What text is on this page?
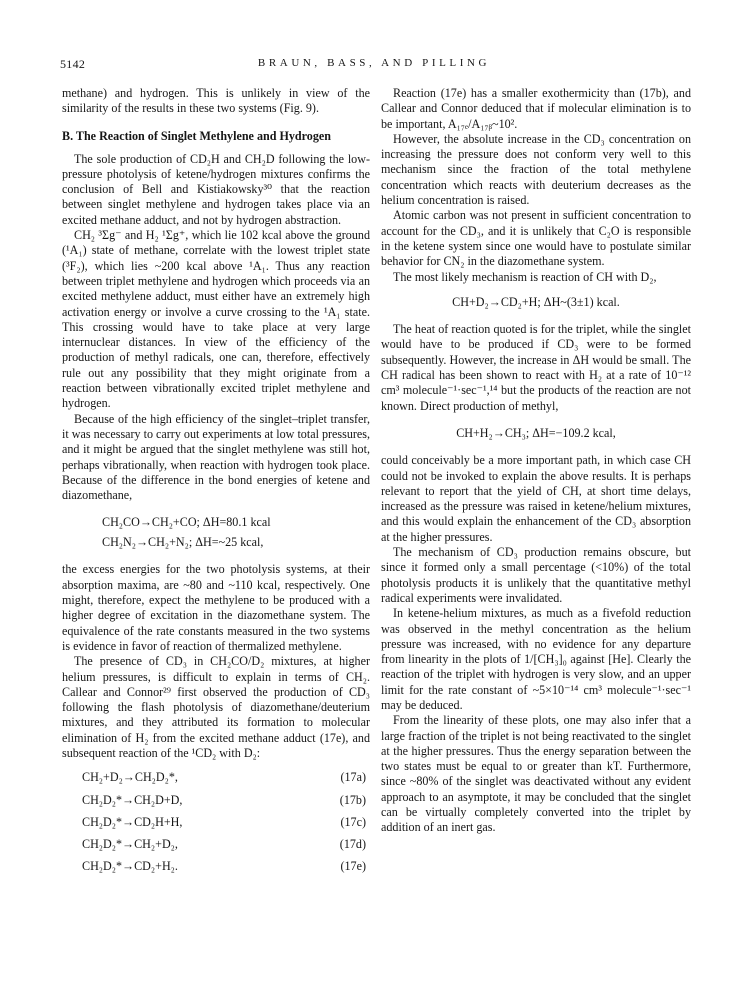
5142	BRAUN, BASS, AND PILLING

methane) and hydrogen. This is unlikely in view of the similarity of the results in these two systems (Fig. 9).

B. The Reaction of Singlet Methylene and Hydrogen

The sole production of CD₂H and CH₂D following the low-pressure photolysis of ketene/hydrogen mixtures confirms the conclusion of Bell and Kistiakowsky³⁰ that the reaction between singlet methylene and hydrogen takes place via an excited methane adduct, and not by hydrogen abstraction.

CH₂ ³Σg⁻ and H₂ ¹Σg⁺, which lie 102 kcal above the ground (¹A₁) state of methane, correlate with the lowest triplet state (³F₂), which lies ~200 kcal above ¹A₁. Thus any reaction between triplet methylene and hydrogen which proceeds via an excited methylene adduct, must either have an extremely high activation energy or involve a curve crossing to the ¹A₁ state. This crossing would have to take place at very large internuclear distances. In view of the efficiency of the production of methyl radicals, one can, therefore, effectively rule out any possibility that they might originate from a reaction between vibrationally excited triplet methylene and hydrogen.

Because of the high efficiency of the singlet–triplet transfer, it was necessary to carry out experiments at low total pressures, and it might be argued that the singlet methylene was still hot, perhaps vibrationally, when reaction with hydrogen took place. Because of the difference in the bond energies of ketene and diazomethane,

CH₂CO→CH₂+CO; ΔH=80.1 kcal
CH₂N₂→CH₂+N₂; ΔH=~25 kcal,

the excess energies for the two photolysis systems, at their absorption maxima, are ~80 and ~110 kcal, respectively. One might, therefore, expect the methylene to be produced with a higher degree of excitation in the diazomethane system. The equivalence of the rate constants measured in the two systems is evidence in favor of reaction of thermalized methylene.

The presence of CD₃ in CH₂CO/D₂ mixtures, at higher helium pressures, is difficult to explain in terms of CH₂. Callear and Connor²⁹ first observed the production of CD₃ following the flash photolysis of diazomethane/deuterium mixtures, and they attributed its formation to molecular elimination of H₂ from the excited methane adduct (17e), and subsequent reaction of the ¹CD₂ with D₂:

CH₂+D₂→CH₂D₂*,	(17a)
CH₂D₂*→CH₂D+D,	(17b)
CH₂D₂*→CD₂H+H,	(17c)
CH₂D₂*→CH₂+D₂,	(17d)
CH₂D₂*→CD₂+H₂.	(17e)

Reaction (17e) has a smaller exothermicity than (17b), and Callear and Connor deduced that if molecular elimination is to be important, A₁₇ₑ/A₁₇ᵦ~10².

However, the absolute increase in the CD₃ concentration on increasing the pressure does not conform very well to this mechanism since the fraction of the total methylene concentration which reacts with deuterium decreases as the helium concentration is raised.

Atomic carbon was not present in sufficient concentration to account for the CD₃, and it is unlikely that C₂O is responsible in the ketene system since one would have to postulate similar behavior for CN₂ in the diazomethane system.

The most likely mechanism is reaction of CH with D₂,

CH+D₂→CD₂+H; ΔH~(3±1) kcal.

The heat of reaction quoted is for the triplet, while the singlet would have to be produced if CD₃ were to be formed subsequently. However, the increase in ΔH would be small. The CH radical has been shown to react with H₂ at a rate of 10⁻¹² cm³ molecule⁻¹·sec⁻¹,¹⁴ but the products of the reaction are not known. Direct production of methyl,

CH+H₂→CH₃; ΔH=−109.2 kcal,

could conceivably be a more important path, in which case CH could not be invoked to explain the above results. It is perhaps relevant to report that the yield of CH, at short time delays, increased as the pressure was raised in ketene/helium mixtures, and this would explain the enhancement of the CD₃ absorption at the higher pressures.

The mechanism of CD₃ production remains obscure, but since it formed only a small percentage (<10%) of the total photolysis products it is unlikely that the quantitative methyl radical experiments were invalidated.

In ketene-helium mixtures, as much as a fivefold reduction was observed in the methyl concentration as the helium pressure was increased, with no evidence for any departure from linearity in the plots of 1/[CH₃]₀ against [He]. Clearly the reaction of the triplet with hydrogen is very slow, and an upper limit for the rate constant of ~5×10⁻¹⁴ cm³ molecule⁻¹·sec⁻¹ may be deduced.

From the linearity of these plots, one may also infer that a large fraction of the triplet is not being reactivated to the singlet at the higher pressures. Thus the energy separation between the two states must be equal to or greater than kT. Furthermore, since ~80% of the singlet was deactivated without any evident approach to an asymptote, it may be concluded that the singlet can be virtually completely converted into the triplet by addition of an inert gas.
